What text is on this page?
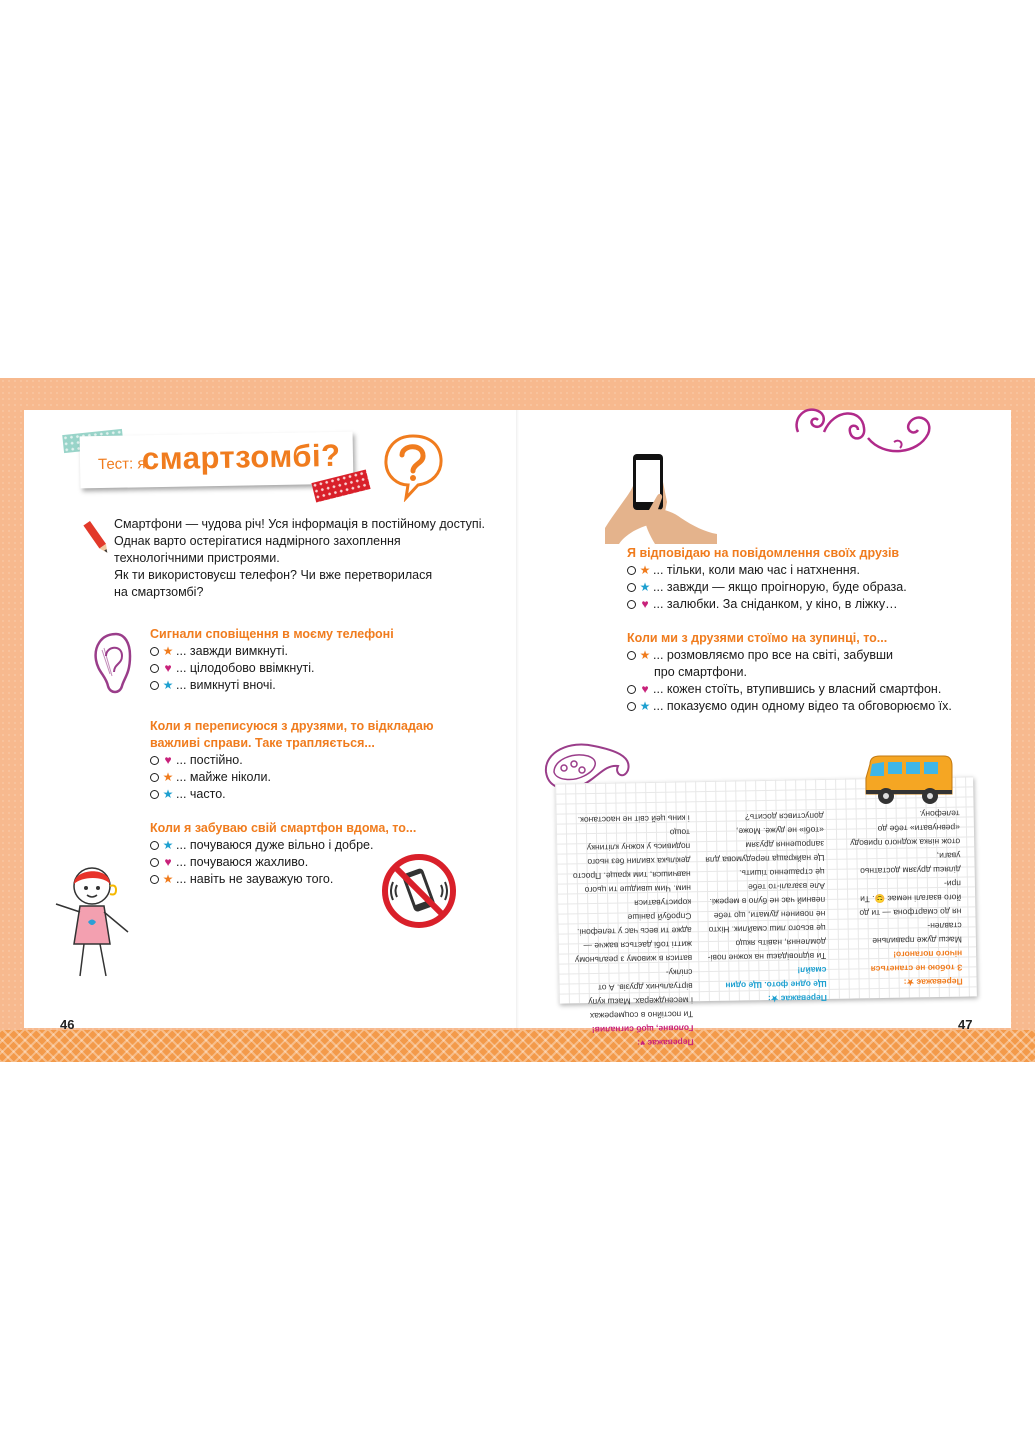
Тест: я
смартзомбі?
Смартфони — чудова річ! Уся інформація в постійному доступі.
Однак варто остерігатися надмірного захоплення
технологічними пристроями.
Як ти використовуєш телефон? Чи вже перетворилася
на смартзомбі?
Сигнали сповіщення в моєму телефоні
★ ... завжди вимкнуті.
♥ ... цілодобово ввімкнуті.
★ ... вимкнуті вночі.
Коли я переписуюся з друзями, то відкладаю
важливі справи. Таке трапляється...
♥ ... постійно.
★ ... майже ніколи.
★ ... часто.
Коли я забуваю свій смартфон вдома, то...
★ ... почуваюся дуже вільно і добре.
♥ ... почуваюся жахливо.
★ ... навіть не зауважую того.
46
Я відповідаю на повідомлення своїх друзів
★ ... тільки, коли маю час і натхнення.
★ ... завжди — якщо проігнорую, буде образа.
♥ ... залюбки. За сніданком, у кіно, в ліжку…
Коли ми з друзями стоїмо на зупинці, то...
★ ... розмовляємо про все на світі, забувши
про смартфони.
♥ ... кожен стоїть, втупившись у власний смартфон.
★ ... показуємо один одному відео та обговорюємо їх.
Переважає ★:
З тобою не станеться нічого поганого!
Маєш дуже правильне ставлен-
ня до смартфона — ти до
його взагалі немає 😊. Ти при-
діляєш друзям достатньо уваги,
отож ніяка жодного приводу
«ревнувати» тебе до телефону.
Переважає ★:
Ще одне фото. Ще один смайл!
Ти відповідаєш на кожне пові-
домлення, навіть якщо
це всього лиш смайлик. Ніхто
не повинен думати, що тебе
певний час не було в мережі.
Але взагалі-то тебе
це страшенно тішить.
Це найкраща передумова для
запрошення друзям
«тобі» не дуже. Може,
допустився досить?
Переважає ♥:
Головне, щоб сигналив!
Ти постійно в соцмережах
і месенджерах. Маєш купу
віртуальних друзів. А от спілку-
ватися в живому з реальному
житті тобі дається важче —
адже ти весь час у телефоні.
Спробуй раніше користуватися
ним. Чим швидше ти цього
навчишся, тим краще. Просто
декілька хвилин без нього
подивись у кожну клітинку тощо
і кинь цей світ не наостанок.
47
